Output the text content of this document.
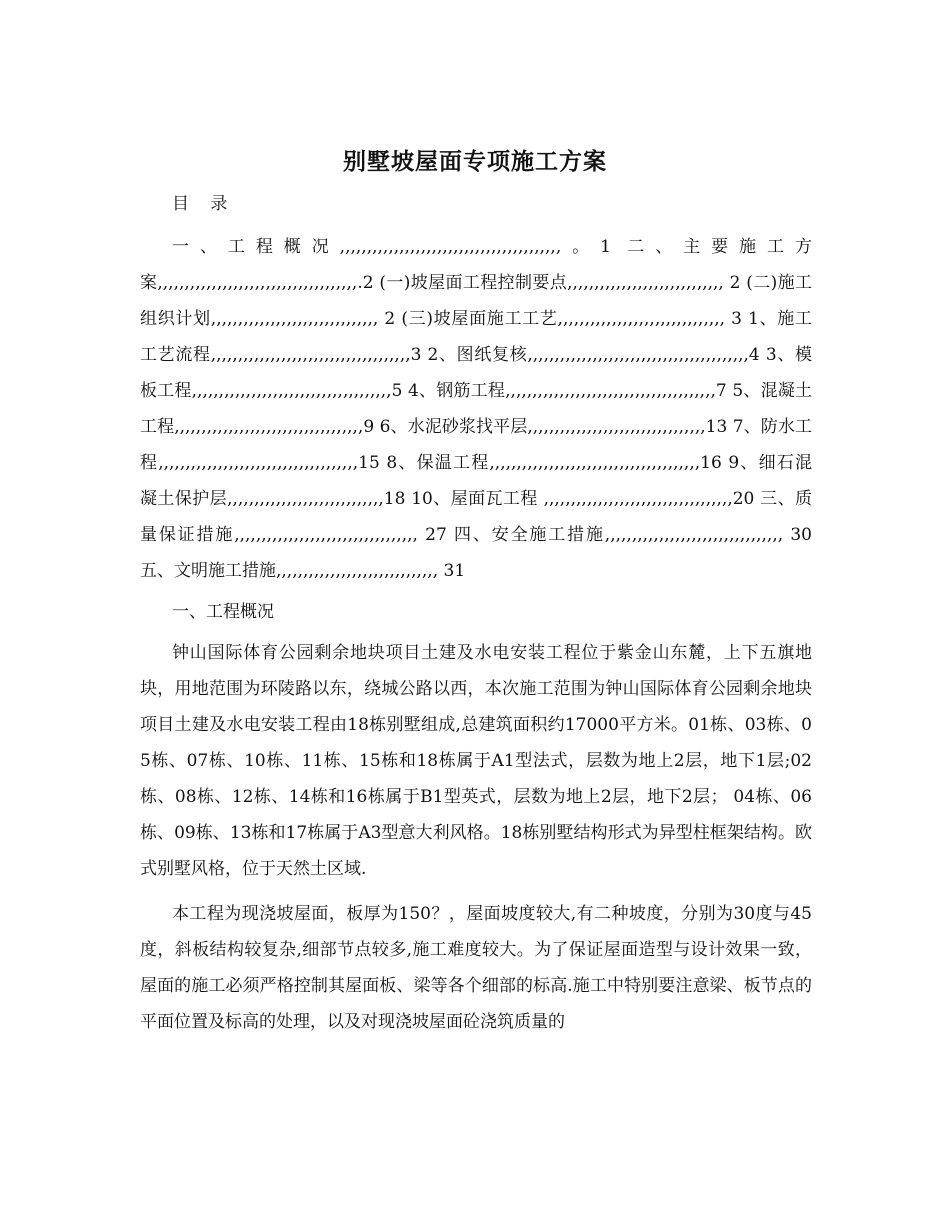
别墅坡屋面专项施工方案

目 录

一、工程概况,,,,,,,,,,,,,,,,,,,,,,,,,,,,,,,,,,,,,,,,,。1 二、主要施工方案,,,,,,,,,,,,,,,,,,,,,,,,,,,,,,,,,,,,,.2 (一)坡屋面工程控制要点,,,,,,,,,,,,,,,,,,,,,,,,,,,,, 2 (二)施工组织计划,,,,,,,,,,,,,,,,,,,,,,,,,,,,,,, 2 (三)坡屋面施工工艺,,,,,,,,,,,,,,,,,,,,,,,,,,,,,,, 3 1、施工工艺流程,,,,,,,,,,,,,,,,,,,,,,,,,,,,,,,,,,,,,3 2、图纸复核,,,,,,,,,,,,,,,,,,,,,,,,,,,,,,,,,,,,,,,,,4 3、模板工程,,,,,,,,,,,,,,,,,,,,,,,,,,,,,,,,,,,,,5 4、钢筋工程,,,,,,,,,,,,,,,,,,,,,,,,,,,,,,,,,,,,,,,7 5、混凝土工程,,,,,,,,,,,,,,,,,,,,,,,,,,,,,,,,,,,9 6、水泥砂浆找平层,,,,,,,,,,,,,,,,,,,,,,,,,,,,,,,,,13 7、防水工程,,,,,,,,,,,,,,,,,,,,,,,,,,,,,,,,,,,,,15 8、保温工程,,,,,,,,,,,,,,,,,,,,,,,,,,,,,,,,,,,,,,,16 9、细石混凝土保护层,,,,,,,,,,,,,,,,,,,,,,,,,,,,,18 10、屋面瓦工程 ,,,,,,,,,,,,,,,,,,,,,,,,,,,,,,,,,,,20 三、质量保证措施,,,,,,,,,,,,,,,,,,,,,,,,,,,,,,,,,, 27 四、安全施工措施,,,,,,,,,,,,,,,,,,,,,,,,,,,,,,,,, 30 五、文明施工措施,,,,,,,,,,,,,,,,,,,,,,,,,,,,,, 31

一、工程概况

钟山国际体育公园剩余地块项目土建及水电安装工程位于紫金山东麓，上下五旗地块，用地范围为环陵路以东，绕城公路以西，本次施工范围为钟山国际体育公园剩余地块项目土建及水电安装工程由18栋别墅组成,总建筑面积约17000平方米。01栋、03栋、05栋、07栋、10栋、11栋、15栋和18栋属于A1型法式，层数为地上2层，地下1层;02栋、08栋、12栋、14栋和16栋属于B1型英式，层数为地上2层，地下2层； 04栋、06栋、09栋、13栋和17栋属于A3型意大利风格。18栋别墅结构形式为异型柱框架结构。欧式别墅风格，位于天然土区域.

本工程为现浇坡屋面，板厚为150？，屋面坡度较大,有二种坡度，分别为30度与45度，斜板结构较复杂,细部节点较多,施工难度较大。为了保证屋面造型与设计效果一致，屋面的施工必须严格控制其屋面板、梁等各个细部的标高.施工中特别要注意梁、板节点的平面位置及标高的处理，以及对现浇坡屋面砼浇筑质量的
